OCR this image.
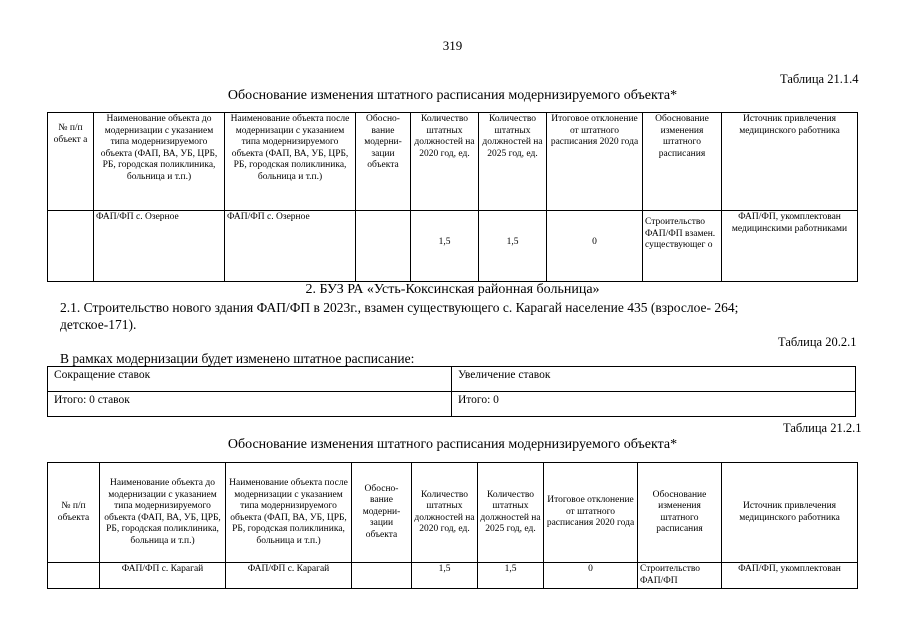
319
Таблица 21.1.4
Обоснование изменения штатного расписания модернизируемого объекта*
№ п/п объект а	Наименование объекта до модернизации с указанием типа модернизируемого объекта (ФАП, ВА, УБ, ЦРБ, РБ, городская поликлиника, больница и т.п.)	Наименование объекта после модернизации с указанием типа модернизируемого объекта (ФАП, ВА, УБ, ЦРБ, РБ, городская поликлиника, больница и т.п.)	Обосно-вание модерни-зации объекта	Количество штатных должностей на 2020 год, ед.	Количество штатных должностей на 2025 год, ед.	Итоговое отклонение от штатного расписания 2020 года	Обоснование изменения штатного расписания	Источник привлечения медицинского работника
	ФАП/ФП с. Озерное	ФАП/ФП с. Озерное		1,5	1,5	0	Строительство ФАП/ФП взамен. существующег о	ФАП/ФП, укомплектован медицинскими работниками
2. БУЗ РА «Усть-Коксинская районная больница»
2.1. Строительство нового здания ФАП/ФП в 2023г., взамен существующего с. Карагай население 435 (взрослое- 264;
детское-171).
Таблица 20.2.1
В рамках модернизации будет изменено штатное расписание:
Сокращение ставок	Увеличение ставок
Итого: 0 ставок	Итого: 0
Таблица 21.2.1
Обоснование изменения штатного расписания модернизируемого объекта*
№ п/п объекта	Наименование объекта до модернизации с указанием типа модернизируемого объекта (ФАП, ВА, УБ, ЦРБ, РБ, городская поликлиника, больница и т.п.)	Наименование объекта после модернизации с указанием типа модернизируемого объекта (ФАП, ВА, УБ, ЦРБ, РБ, городская поликлиника, больница и т.п.)	Обосно-вание модерни-зации объекта	Количество штатных должностей на 2020 год, ед.	Количество штатных должностей на 2025 год, ед.	Итоговое отклонение от штатного расписания 2020 года	Обоснование изменения штатного расписания	Источник привлечения медицинского работника
	ФАП/ФП с. Карагай	ФАП/ФП с. Карагай		1,5	1,5	0	Строительство ФАП/ФП	ФАП/ФП, укомплектован
